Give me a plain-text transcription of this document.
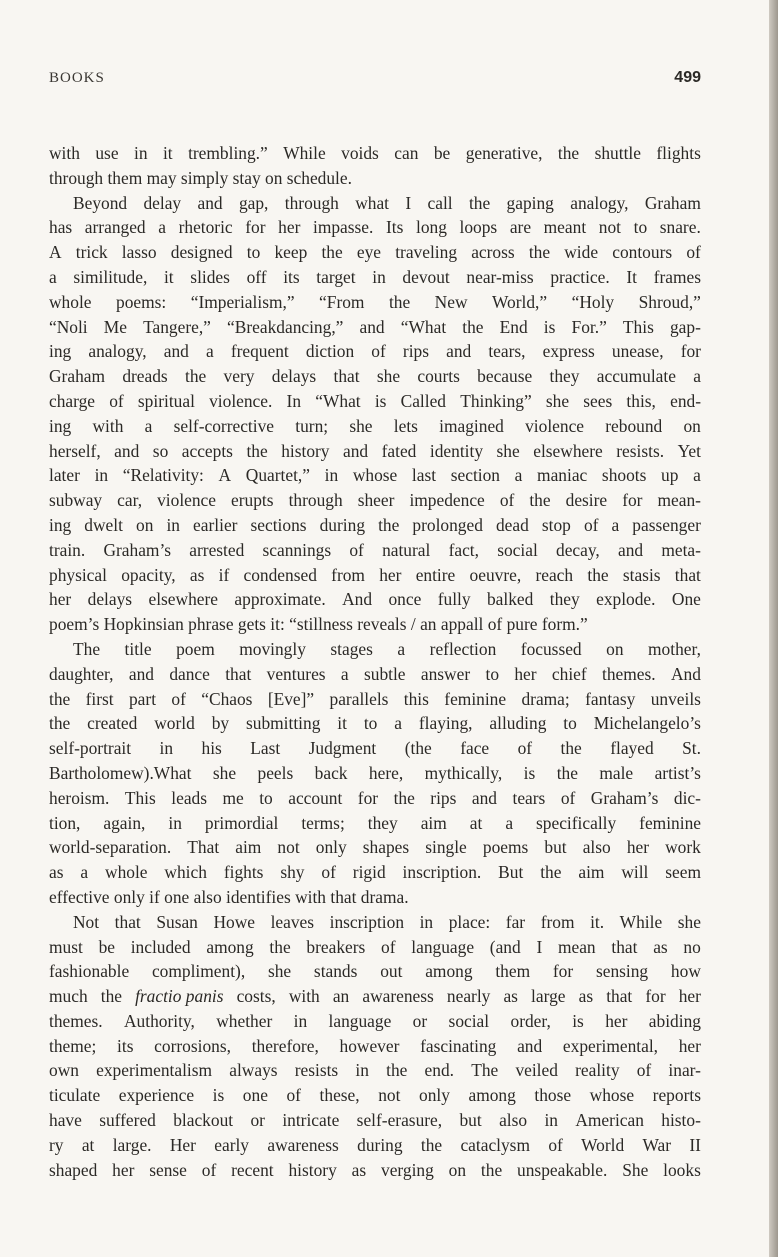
BOOKS	499
with use in it trembling.” While voids can be generative, the shuttle flights
through them may simply stay on schedule.
Beyond delay and gap, through what I call the gaping analogy, Graham
has arranged a rhetoric for her impasse. Its long loops are meant not to snare.
A trick lasso designed to keep the eye traveling across the wide contours of
a similitude, it slides off its target in devout near-miss practice. It frames
whole poems: “Imperialism,” “From the New World,” “Holy Shroud,”
“Noli Me Tangere,” “Breakdancing,” and “What the End is For.” This gap-
ing analogy, and a frequent diction of rips and tears, express unease, for
Graham dreads the very delays that she courts because they accumulate a
charge of spiritual violence. In “What is Called Thinking” she sees this, end-
ing with a self-corrective turn; she lets imagined violence rebound on
herself, and so accepts the history and fated identity she elsewhere resists. Yet
later in “Relativity: A Quartet,” in whose last section a maniac shoots up a
subway car, violence erupts through sheer impedence of the desire for mean-
ing dwelt on in earlier sections during the prolonged dead stop of a passenger
train. Graham’s arrested scannings of natural fact, social decay, and meta-
physical opacity, as if condensed from her entire oeuvre, reach the stasis that
her delays elsewhere approximate. And once fully balked they explode. One
poem’s Hopkinsian phrase gets it: “stillness reveals / an appall of pure form.”
The title poem movingly stages a reflection focussed on mother,
daughter, and dance that ventures a subtle answer to her chief themes. And
the first part of “Chaos [Eve]” parallels this feminine drama; fantasy unveils
the created world by submitting it to a flaying, alluding to Michelangelo’s
self-portrait in his Last Judgment (the face of the flayed St.
Bartholomew).What she peels back here, mythically, is the male artist’s
heroism. This leads me to account for the rips and tears of Graham’s dic-
tion, again, in primordial terms; they aim at a specifically feminine
world-separation. That aim not only shapes single poems but also her work
as a whole which fights shy of rigid inscription. But the aim will seem
effective only if one also identifies with that drama.
Not that Susan Howe leaves inscription in place: far from it. While she
must be included among the breakers of language (and I mean that as no
fashionable compliment), she stands out among them for sensing how
much the fractio panis costs, with an awareness nearly as large as that for her
themes. Authority, whether in language or social order, is her abiding
theme; its corrosions, therefore, however fascinating and experimental, her
own experimentalism always resists in the end. The veiled reality of inar-
ticulate experience is one of these, not only among those whose reports
have suffered blackout or intricate self-erasure, but also in American histo-
ry at large. Her early awareness during the cataclysm of World War II
shaped her sense of recent history as verging on the unspeakable. She looks
